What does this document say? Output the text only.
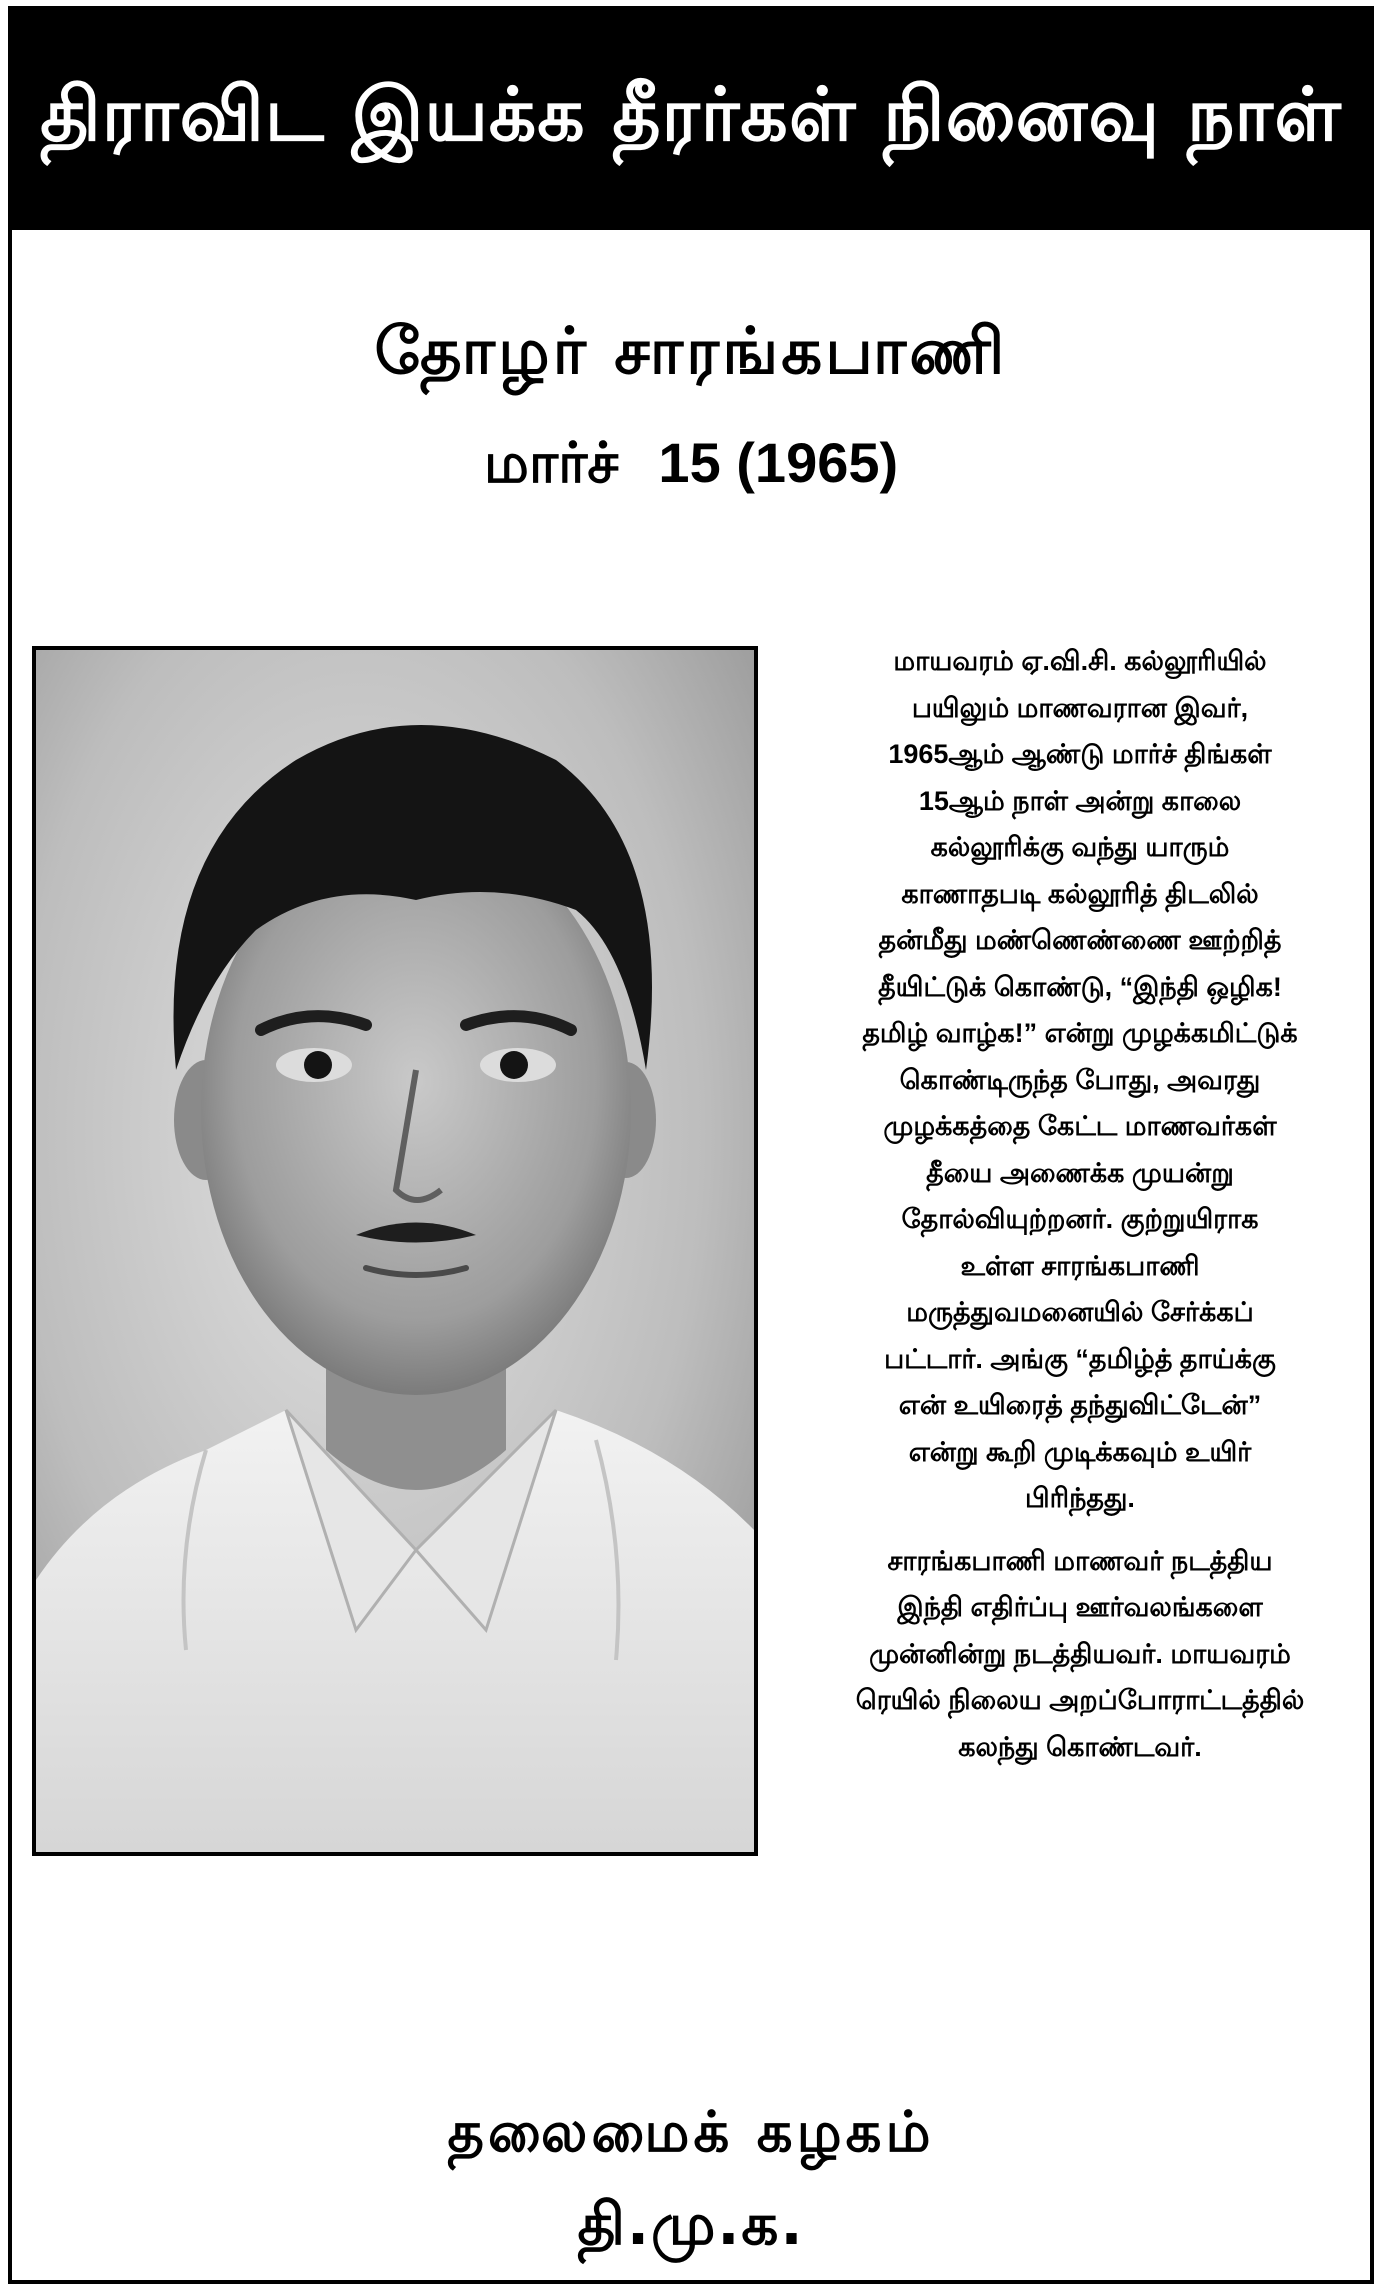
திராவிட இயக்க தீரர்கள் நினைவு நாள்
தோழர் சாரங்கபாணி
மார்ச் 15 (1965)
மாயவரம் ஏ.வி.சி. கல்லூரியில்
பயிலும் மாணவரான இவர்,
1965ஆம் ஆண்டு மார்ச் திங்கள்
15ஆம் நாள் அன்று காலை
கல்லூரிக்கு வந்து யாரும்
காணாதபடி கல்லூரித் திடலில்
தன்மீது மண்ணெண்ணை ஊற்றித்
தீயிட்டுக் கொண்டு, “இந்தி ஒழிக!
தமிழ் வாழ்க!” என்று முழக்கமிட்டுக்
கொண்டிருந்த போது, அவரது
முழக்கத்தை கேட்ட மாணவர்கள்
தீயை அணைக்க முயன்று
தோல்வியுற்றனர். குற்றுயிராக
உள்ள சாரங்கபாணி
மருத்துவமனையில் சேர்க்கப்
பட்டார். அங்கு “தமிழ்த் தாய்க்கு
என் உயிரைத் தந்துவிட்டேன்”
என்று கூறி முடிக்கவும் உயிர்
பிரிந்தது.
சாரங்கபாணி மாணவர் நடத்திய
இந்தி எதிர்ப்பு ஊர்வலங்களை
முன்னின்று நடத்தியவர். மாயவரம்
ரெயில் நிலைய அறப்போராட்டத்தில்
கலந்து கொண்டவர்.
தலைமைக் கழகம்
தி.மு.க.
